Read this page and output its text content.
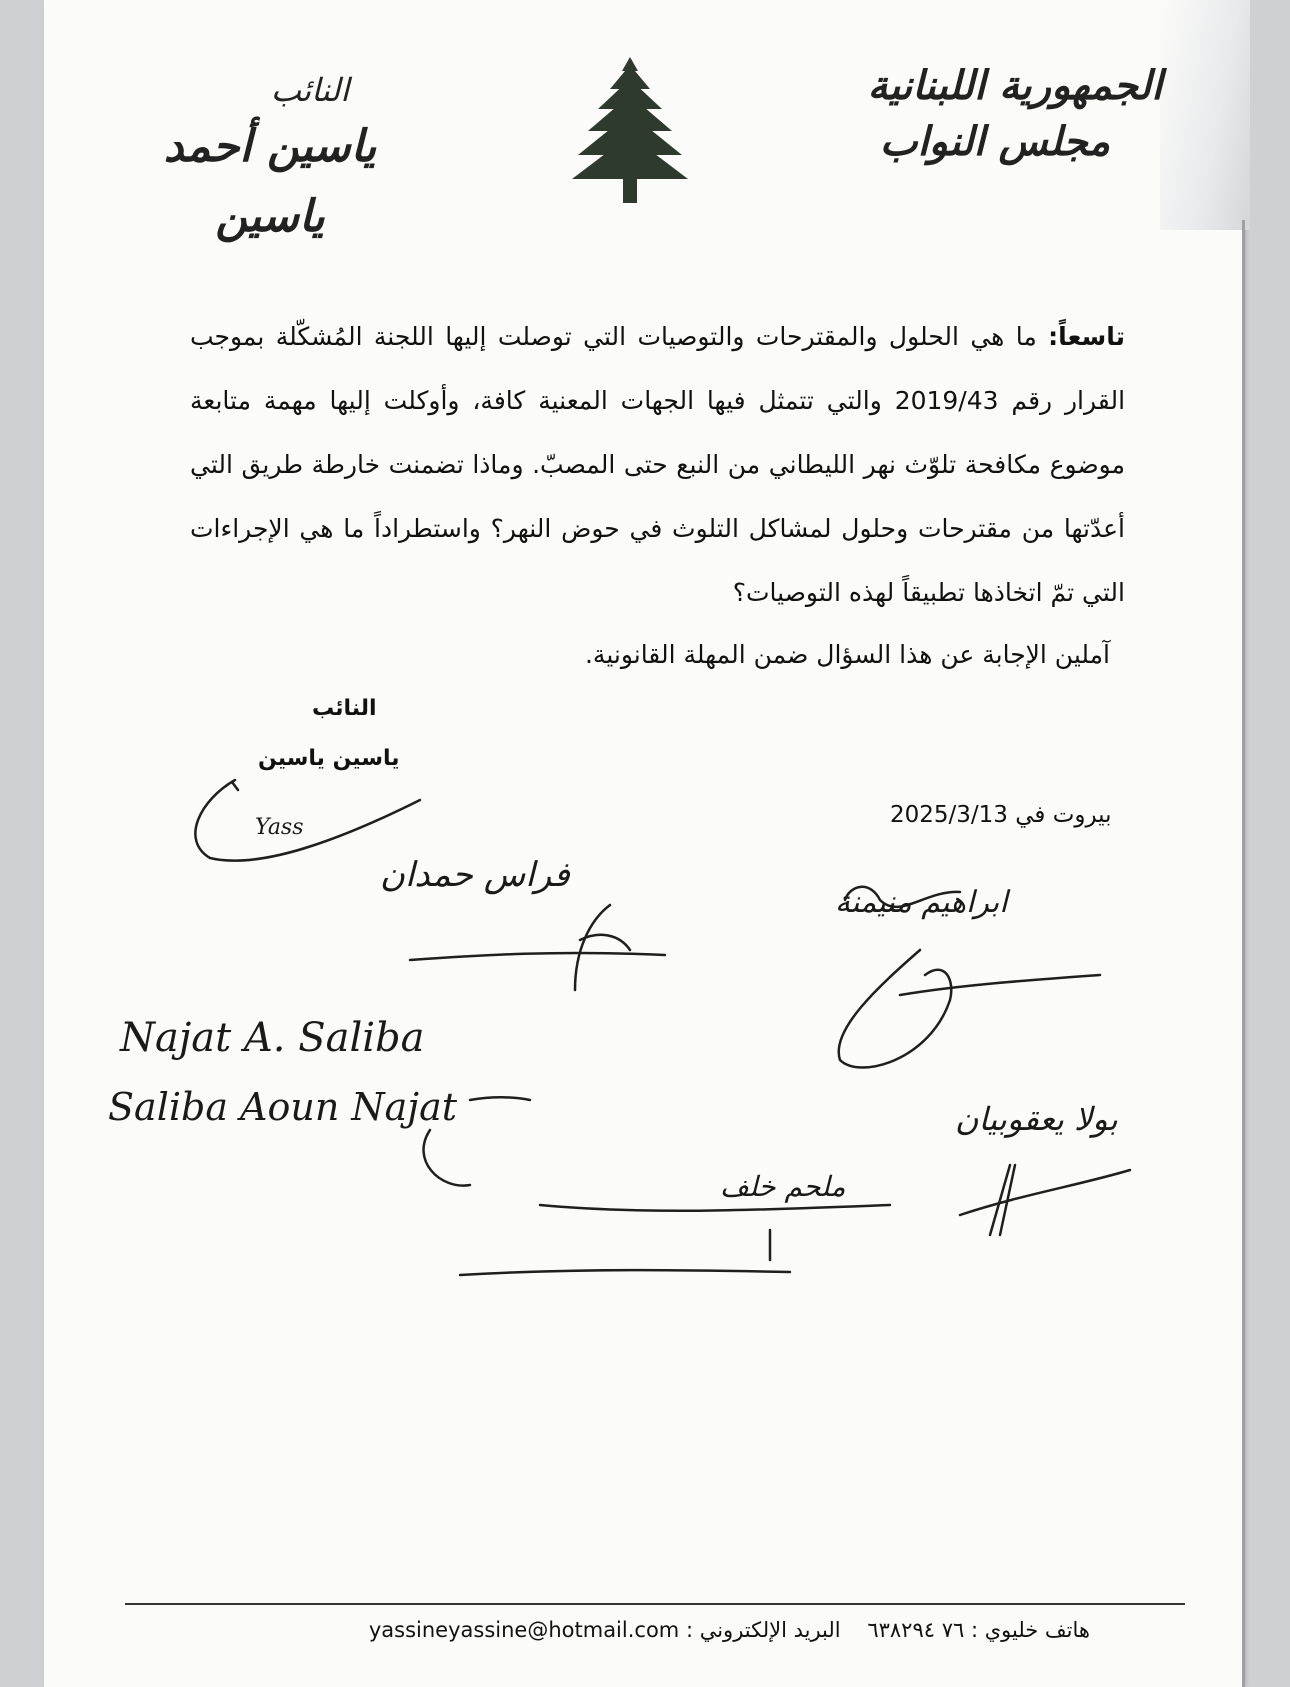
الجمهورية اللبنانية
مجلس النواب
النائب
ياسين أحمد ياسين
تاسعاً: ما هي الحلول والمقترحات والتوصيات التي توصلت إليها اللجنة المُشكّلة بموجب القرار رقم 2019/43 والتي تتمثل فيها الجهات المعنية كافة، وأوكلت إليها مهمة متابعة موضوع مكافحة تلوّث نهر الليطاني من النبع حتى المصبّ. وماذا تضمنت خارطة طريق التي أعدّتها من مقترحات وحلول لمشاكل التلوث في حوض النهر؟ واستطراداً ما هي الإجراءات التي تمّ اتخاذها تطبيقاً لهذه التوصيات؟
آملين الإجابة عن هذا السؤال ضمن المهلة القانونية.
النائب
ياسين ياسين
بيروت في 2025/3/13
Yass
فراس حمدان
ابراهيم منيمنة
Najat A. Saliba
Saliba Aoun Najat	بولا يعقوبيان
ملحم خلف
هاتف خليوي : ٧٦ ٦٣٨٢٩٤    البريد الإلكتروني : yassineyassine@hotmail.com
